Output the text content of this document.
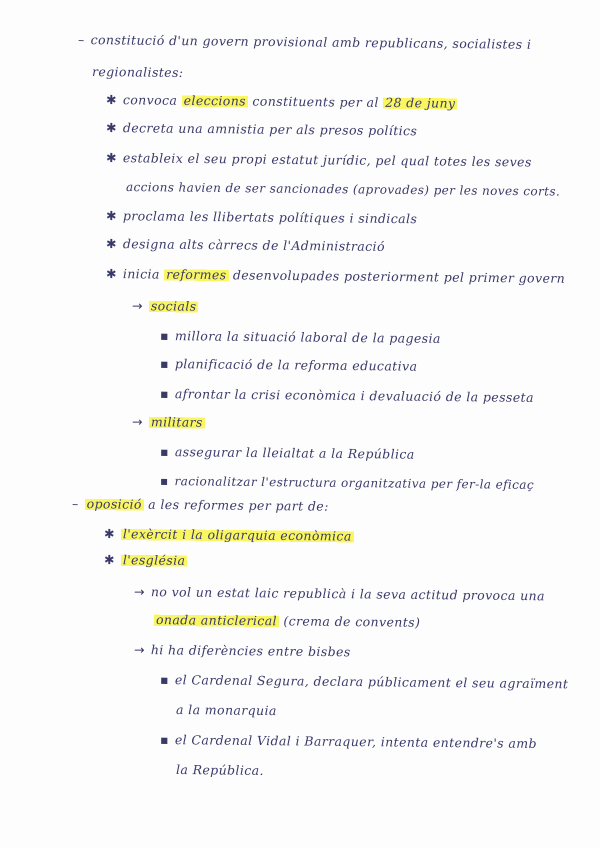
– constitució d'un govern provisional amb republicans, socialistes i
regionalistes:
✱ convoca eleccions constituents per al 28 de juny
✱ decreta una amnistia per als presos polítics
✱ estableix el seu propi estatut jurídic, pel qual totes les seves
accions havien de ser sancionades (aprovades) per les noves corts.
✱ proclama les llibertats polítiques i sindicals
✱ designa alts càrrecs de l'Administració
✱ inicia reformes desenvolupades posteriorment pel primer govern
→ socials
▪ millora la situació laboral de la pagesia
▪ planificació de la reforma educativa
▪ afrontar la crisi econòmica i devaluació de la pesseta
→ militars
▪ assegurar la lleialtat a la República
▪ racionalitzar l'estructura organitzativa per fer-la eficaç
– oposició a les reformes per part de:
✱ l'exèrcit i la oligarquia econòmica
✱ l'església
→ no vol un estat laic republicà i la seva actitud provoca una
onada anticlerical (crema de convents)
→ hi ha diferències entre bisbes
▪ el Cardenal Segura, declara públicament el seu agraïment
a la monarquia
▪ el Cardenal Vidal i Barraquer, intenta entendre's amb
la República.
